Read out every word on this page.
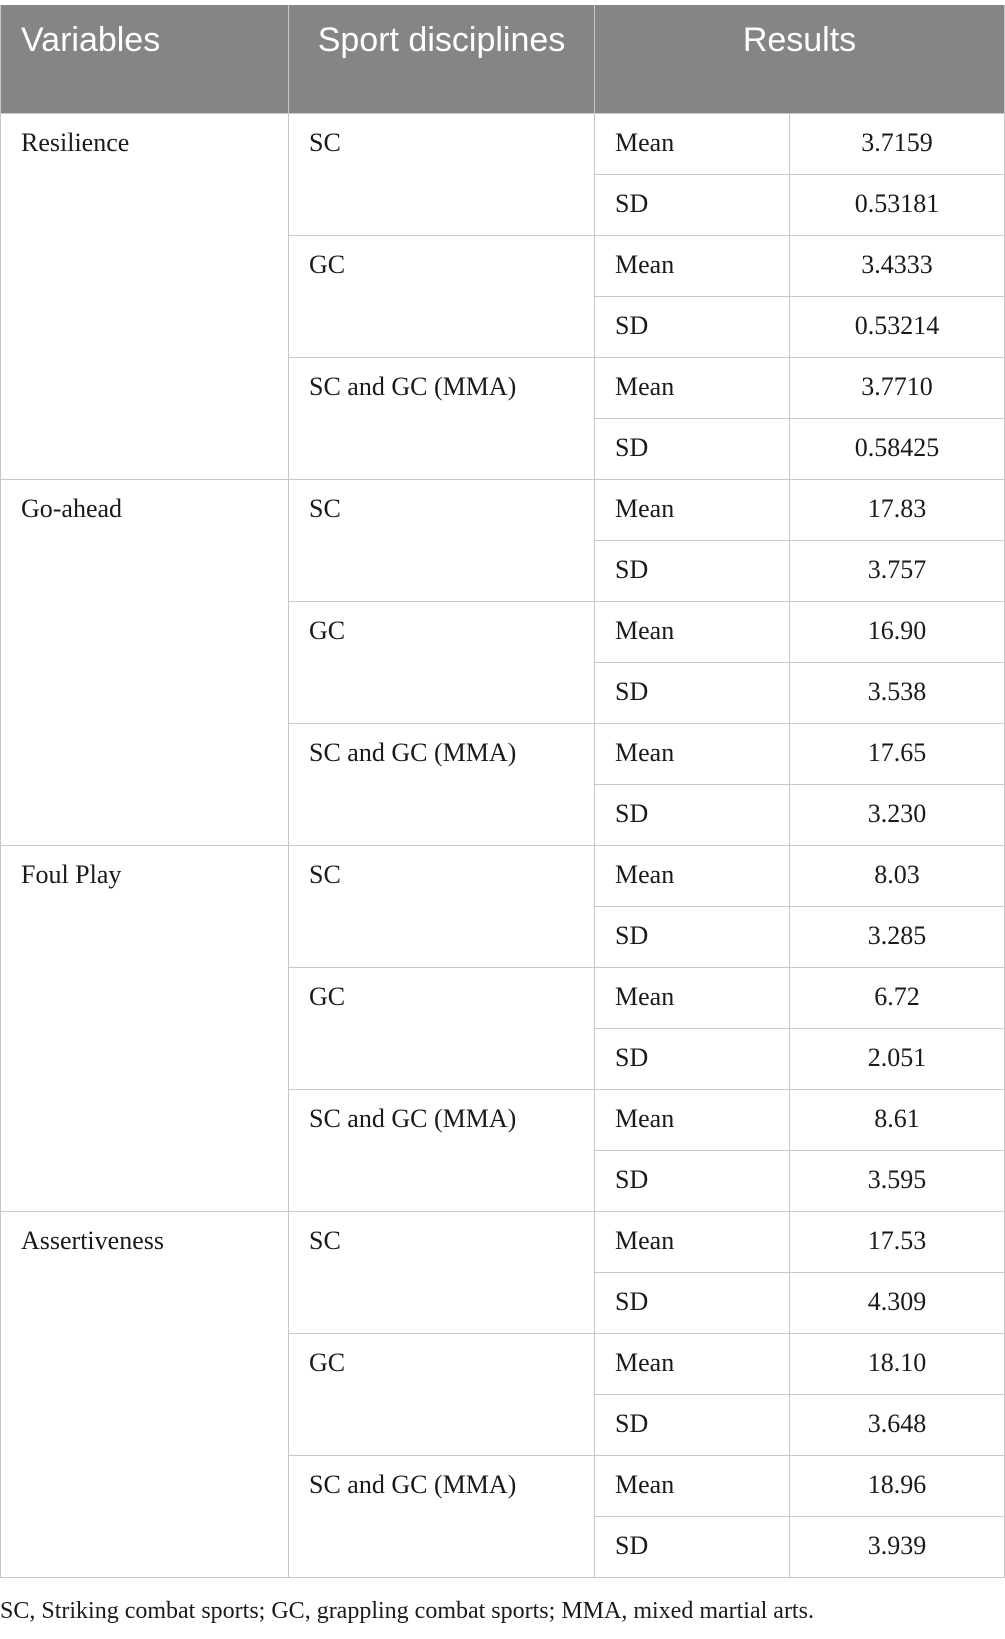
Variables	Sport disciplines	Results	
Resilience	SC	Mean	3.7159
		SD	0.53181
	GC	Mean	3.4333
		SD	0.53214
	SC and GC (MMA)	Mean	3.7710
		SD	0.58425
Go-ahead	SC	Mean	17.83
		SD	3.757
	GC	Mean	16.90
		SD	3.538
	SC and GC (MMA)	Mean	17.65
		SD	3.230
Foul Play	SC	Mean	8.03
		SD	3.285
	GC	Mean	6.72
		SD	2.051
	SC and GC (MMA)	Mean	8.61
		SD	3.595
Assertiveness	SC	Mean	17.53
		SD	4.309
	GC	Mean	18.10
		SD	3.648
	SC and GC (MMA)	Mean	18.96
		SD	3.939

SC, Striking combat sports; GC, grappling combat sports; MMA, mixed martial arts.
